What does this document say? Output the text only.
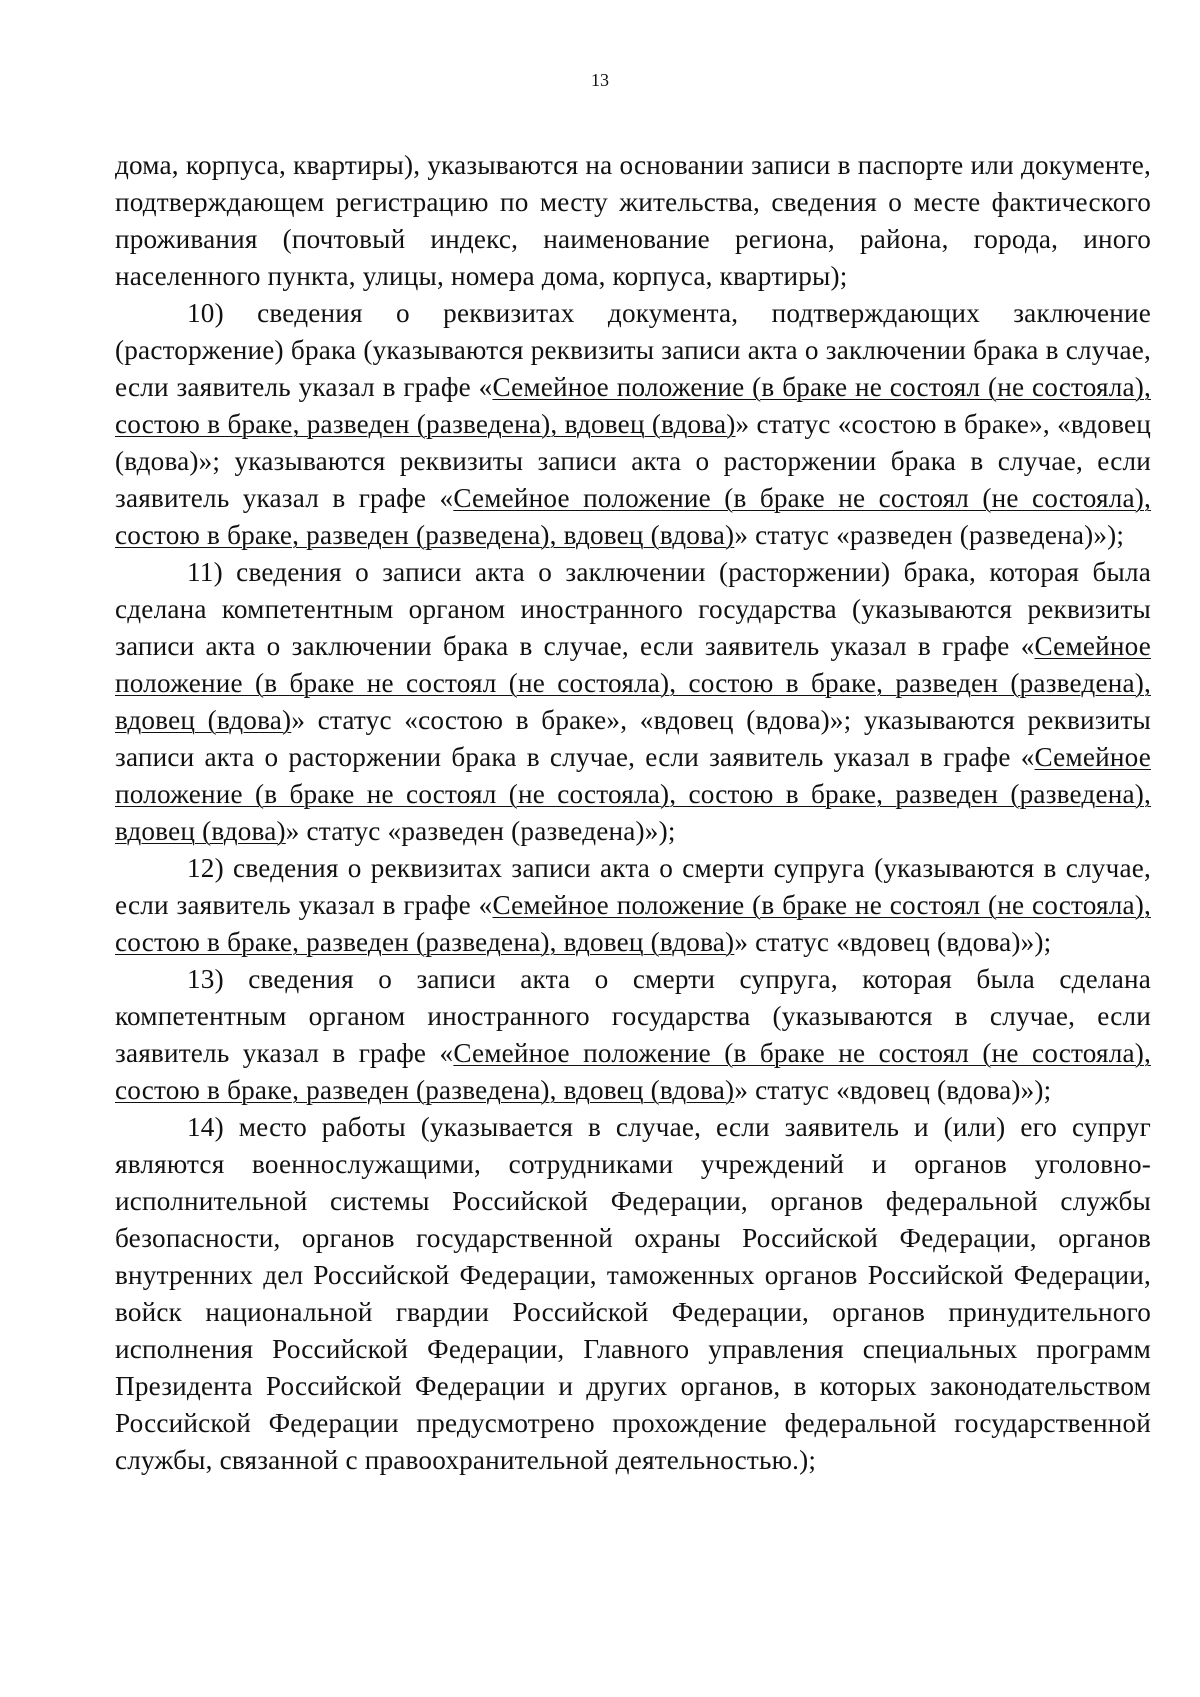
13

дома, корпуса, квартиры), указываются на основании записи в паспорте или документе, подтверждающем регистрацию по месту жительства, сведения о месте фактического проживания (почтовый индекс, наименование региона, района, города, иного населенного пункта, улицы, номера дома, корпуса, квартиры);

10) сведения о реквизитах документа, подтверждающих заключение (расторжение) брака (указываются реквизиты записи акта о заключении брака в случае, если заявитель указал в графе «Семейное положение (в браке не состоял (не состояла), состою в браке, разведен (разведена), вдовец (вдова)» статус «состою в браке», «вдовец (вдова)»; указываются реквизиты записи акта о расторжении брака в случае, если заявитель указал в графе «Семейное положение (в браке не состоял (не состояла), состою в браке, разведен (разведена), вдовец (вдова)» статус «разведен (разведена)»);

11) сведения о записи акта о заключении (расторжении) брака, которая была сделана компетентным органом иностранного государства (указываются реквизиты записи акта о заключении брака в случае, если заявитель указал в графе «Семейное положение (в браке не состоял (не состояла), состою в браке, разведен (разведена), вдовец (вдова)» статус «состою в браке», «вдовец (вдова)»; указываются реквизиты записи акта о расторжении брака в случае, если заявитель указал в графе «Семейное положение (в браке не состоял (не состояла), состою в браке, разведен (разведена), вдовец (вдова)» статус «разведен (разведена)»);

12) сведения о реквизитах записи акта о смерти супруга (указываются в случае, если заявитель указал в графе «Семейное положение (в браке не состоял (не состояла), состою в браке, разведен (разведена), вдовец (вдова)» статус «вдовец (вдова)»);

13) сведения о записи акта о смерти супруга, которая была сделана компетентным органом иностранного государства (указываются в случае, если заявитель указал в графе «Семейное положение (в браке не состоял (не состояла), состою в браке, разведен (разведена), вдовец (вдова)» статус «вдовец (вдова)»);

14) место работы (указывается в случае, если заявитель и (или) его супруг являются военнослужащими, сотрудниками учреждений и органов уголовно-исполнительной системы Российской Федерации, органов федеральной службы безопасности, органов государственной охраны Российской Федерации, органов внутренних дел Российской Федерации, таможенных органов Российской Федерации, войск национальной гвардии Российской Федерации, органов принудительного исполнения Российской Федерации, Главного управления специальных программ Президента Российской Федерации и других органов, в которых законодательством Российской Федерации предусмотрено прохождение федеральной государственной службы, связанной с правоохранительной деятельностью.);
